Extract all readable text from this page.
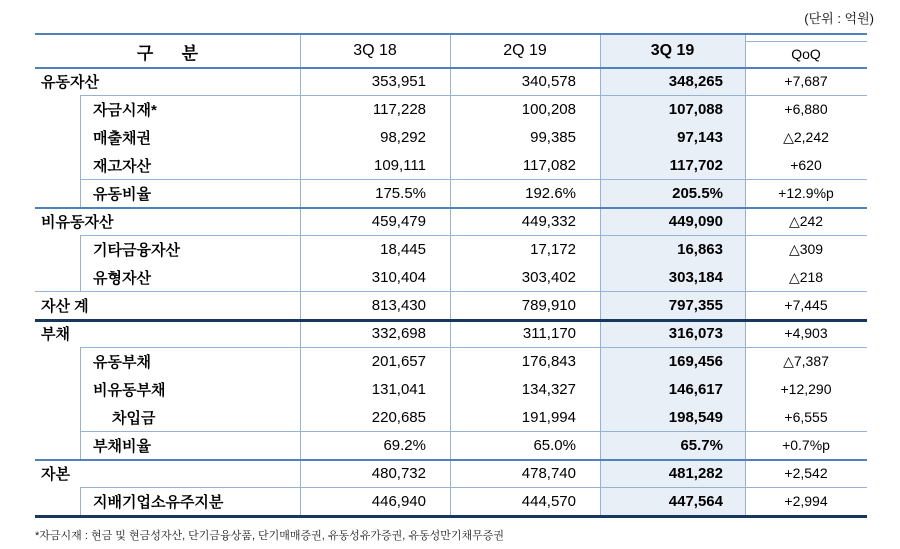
(단위 : 억원)
구      분	3Q 18	2Q 19	3Q 19	QoQ
유동자산	353,951	340,578	348,265	+7,687
자금시재*	117,228	100,208	107,088	+6,880
매출채권	98,292	99,385	97,143	△2,242
재고자산	109,111	117,082	117,702	+620
유동비율	175.5%	192.6%	205.5%	+12.9%p
비유동자산	459,479	449,332	449,090	△242
기타금융자산	18,445	17,172	16,863	△309
유형자산	310,404	303,402	303,184	△218
자산 계	813,430	789,910	797,355	+7,445
부채	332,698	311,170	316,073	+4,903
유동부채	201,657	176,843	169,456	△7,387
비유동부채	131,041	134,327	146,617	+12,290
차입금	220,685	191,994	198,549	+6,555
부채비율	69.2%	65.0%	65.7%	+0.7%p
자본	480,732	478,740	481,282	+2,542
지배기업소유주지분	446,940	444,570	447,564	+2,994
*자금시재 : 현금 및 현금성자산, 단기금융상품, 단기매매증권, 유동성유가증권, 유동성만기채무증권
